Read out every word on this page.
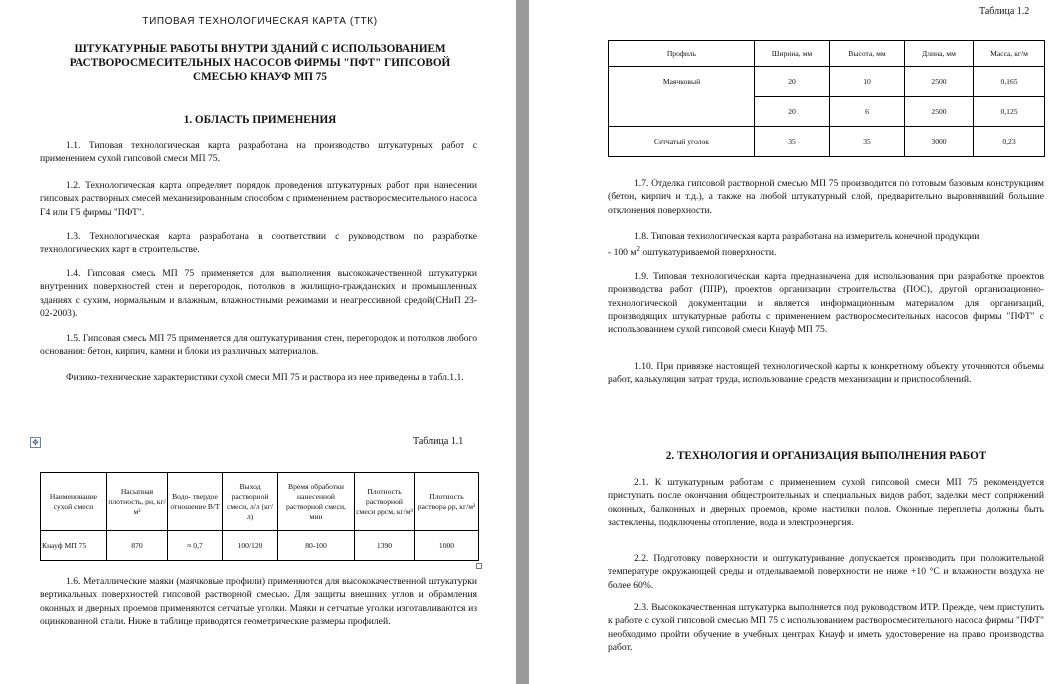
ТИПОВАЯ ТЕХНОЛОГИЧЕСКАЯ КАРТА (ТТК)
ШТУКАТУРНЫЕ РАБОТЫ ВНУТРИ ЗДАНИЙ С ИСПОЛЬЗОВАНИЕМ
РАСТВОРОСМЕСИТЕЛЬНЫХ НАСОСОВ ФИРМЫ "ПФТ" ГИПСОВОЙ
СМЕСЬЮ КНАУФ МП 75
1. ОБЛАСТЬ ПРИМЕНЕНИЯ
1.1. Типовая технологическая карта разработана на производство штукатурных работ с применением сухой гипсовой смеси МП 75.
1.2. Технологическая карта определяет порядок проведения штукатурных работ при нанесении гипсовых растворных смесей механизированным способом с применением растворосмесительного насоса Г4 или Г5 фирмы "ПФТ".
1.3. Технологическая карта разработана в соответствии с руководством по разработке технологических карт в строительстве.
1.4. Гипсовая смесь МП 75 применяется для выполнения высококачественной штукатурки внутренних поверхностей стен и перегородок, потолков в жилищно-гражданских и промышленных зданиях с сухим, нормальным и влажным, влажностными режимами и неагрессивной средой(СНиП 23-02-2003).
1.5. Гипсовая смесь МП 75 применяется для оштукатуривания стен, перегородок и потолков любого основания: бетон, кирпич, камни и блоки из различных материалов.
Физико-технические характеристики сухой смеси МП 75 и раствора из нее приведены в табл.1.1.
✥	Таблица 1.1
Наименование сухой смеси	Насыпная плотность, ρн, кг/м³	Водо- твердое отношение В/Т	Выход растворной смеси, л/л (кг/л)	Время обработки нанесенной растворной смеси, мин	Плотность растворной смеси ρрсм, кг/м³	Плотность раствора ρр, кг/м³
Кнауф МП 75	870	≈ 0,7	100/120	80-100	1390	1000
1.6. Металлические маяки (маячковые профили) применяются для высококачественной штукатурки вертикальных поверхностей гипсовой растворной смесью. Для защиты внешних углов и обрамления оконных и дверных проемов применяются сетчатые уголки. Маяки и сетчатые уголки изготавливаются из оцинкованной стали. Ниже в таблице приводятся геометрические размеры профилей.
Таблица 1.2
Профиль	Ширина, мм	Высота, мм	Длина, мм	Масса, кг/м
Маячковый	20	10	2500	0,165
	20	6	2500	0,125
Сетчатый уголок	35	35	3000	0,23
1.7. Отделка гипсовой растворной смесью МП 75 производится по готовым базовым конструкциям (бетон, кирпич и т.д.), а также на любой штукатурный слой, предварительно выровнявший большие отклонения поверхности.
1.8. Типовая технологическая карта разработана на измеритель конечной продукции
- 100 $м^2$ оштукатуриваемой поверхности.
1.9. Типовая технологическая карта предназначена для использования при разработке проектов производства работ (ППР), проектов организации строительства (ПОС), другой организационно-технологической документации и является информационным материалом для организаций, производящих штукатурные работы с применением растворосмесительных насосов фирмы "ПФТ" с использованием сухой гипсовой смеси Кнауф МП 75.
1.10. При привязке настоящей технологической карты к конкретному объекту уточняются объемы работ, калькуляция затрат труда, использование средств механизации и приспособлений.
2. ТЕХНОЛОГИЯ И ОРГАНИЗАЦИЯ ВЫПОЛНЕНИЯ РАБОТ
2.1. К штукатурным работам с применением сухой гипсовой смеси МП 75 рекомендуется приступать после окончания общестроительных и специальных видов работ, заделки мест сопряжений оконных, балконных и дверных проемов, кроме настилки полов. Оконные переплеты должны быть застеклены, подключены отопление, вода и электроэнергия.
2.2. Подготовку поверхности и оштукатуривание допускается производить при положительной температуре окружающей среды и отделываемой поверхности не ниже +10 °С и влажности воздуха не более 60%.
2.3. Высококачественная штукатурка выполняется под руководством ИТР. Прежде, чем приступить к работе с сухой гипсовой смесью МП 75 с использованием растворосмесительного насоса фирмы "ПФТ" необходимо пройти обучение в учебных центрах Кнауф и иметь удостоверение на право производства работ.
